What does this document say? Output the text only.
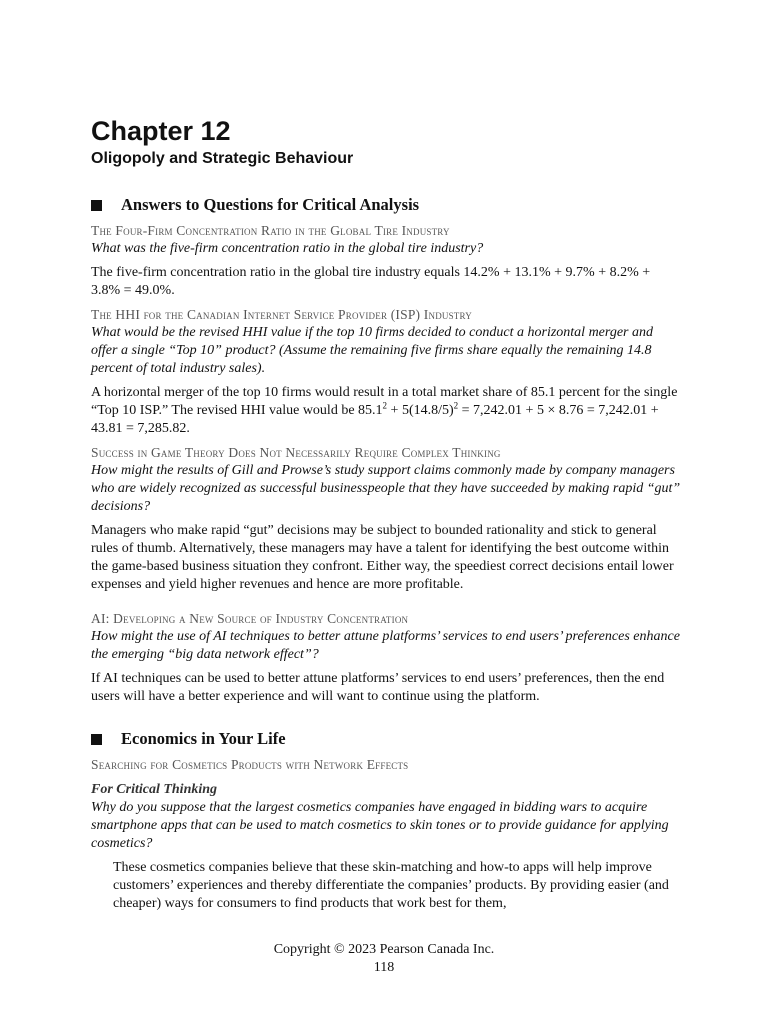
Chapter 12
Oligopoly and Strategic Behaviour
Answers to Questions for Critical Analysis

The Four-Firm Concentration Ratio in the Global Tire Industry

What was the five-firm concentration ratio in the global tire industry?

The five-firm concentration ratio in the global tire industry equals 14.2% + 13.1% + 9.7% + 8.2% + 3.8% = 49.0%.

The HHI for the Canadian Internet Service Provider (ISP) Industry

What would be the revised HHI value if the top 10 firms decided to conduct a horizontal merger and offer a single “Top 10” product? (Assume the remaining five firms share equally the remaining 14.8 percent of total industry sales).

A horizontal merger of the top 10 firms would result in a total market share of 85.1 percent for the single “Top 10 ISP.” The revised HHI value would be $85.1^2 + 5(14.8/5)^2 = 7,242.01 + 5 \times 8.76 = 7,242.01 + 43.81 = 7,285.82$.

Success in Game Theory Does Not Necessarily Require Complex Thinking

How might the results of Gill and Prowse’s study support claims commonly made by company managers who are widely recognized as successful businesspeople that they have succeeded by making rapid “gut” decisions?

Managers who make rapid “gut” decisions may be subject to bounded rationality and stick to general rules of thumb. Alternatively, these managers may have a talent for identifying the best outcome within the game-based business situation they confront. Either way, the speediest correct decisions entail lower expenses and yield higher revenues and hence are more profitable.

AI: Developing a New Source of Industry Concentration

How might the use of AI techniques to better attune platforms’ services to end users’ preferences enhance the emerging “big data network effect”?

If AI techniques can be used to better attune platforms’ services to end users’ preferences, then the end users will have a better experience and will want to continue using the platform.

Economics in Your Life

Searching for Cosmetics Products with Network Effects

For Critical Thinking

Why do you suppose that the largest cosmetics companies have engaged in bidding wars to acquire smartphone apps that can be used to match cosmetics to skin tones or to provide guidance for applying cosmetics?

These cosmetics companies believe that these skin-matching and how-to apps will help improve customers’ experiences and thereby differentiate the companies’ products. By providing easier (and cheaper) ways for consumers to find products that work best for them,

Copyright © 2023 Pearson Canada Inc.
118
